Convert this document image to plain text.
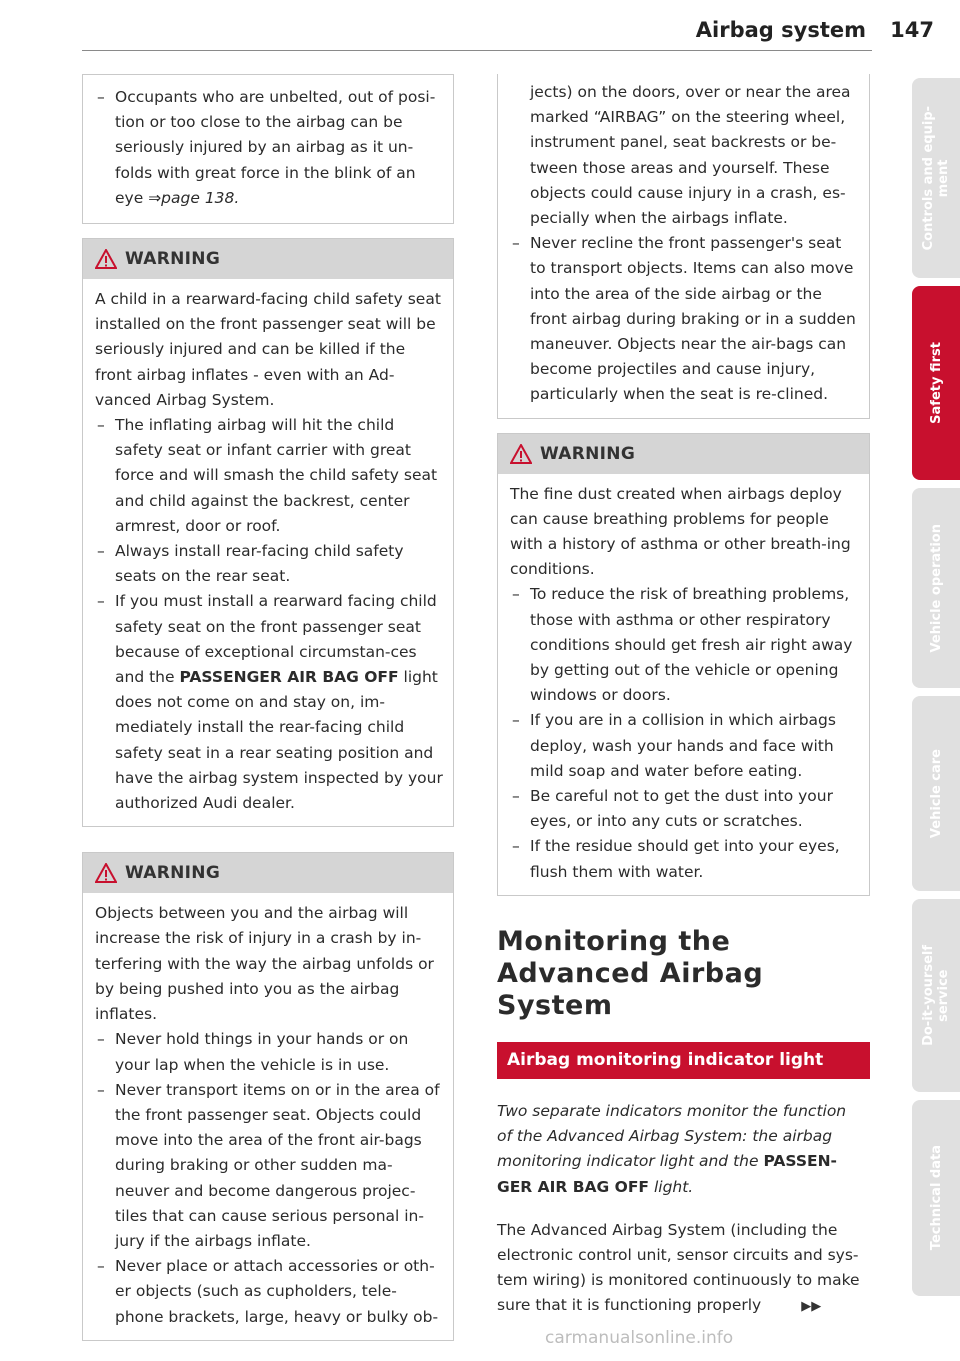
Airbag system 147
– Occupants who are unbelted, out of posi-tion or too close to the airbag can be seriously injured by an airbag as it un-folds with great force in the blink of an eye ⇒page 138.
WARNING

A child in a rearward-facing child safety seat installed on the front passenger seat will be seriously injured and can be killed if the front airbag inflates - even with an Ad-vanced Airbag System.

– The inflating airbag will hit the child safety seat or infant carrier with great force and will smash the child safety seat and child against the backrest, center armrest, door or roof.
– Always install rear-facing child safety seats on the rear seat.
– If you must install a rearward facing child safety seat on the front passenger seat because of exceptional circumstan-ces and the PASSENGER AIR BAG OFF light does not come on and stay on, im-mediately install the rear-facing child safety seat in a rear seating position and have the airbag system inspected by your authorized Audi dealer.
WARNING

Objects between you and the airbag will increase the risk of injury in a crash by in-terfering with the way the airbag unfolds or by being pushed into you as the airbag inflates.

– Never hold things in your hands or on your lap when the vehicle is in use.
– Never transport items on or in the area of the front passenger seat. Objects could move into the area of the front air-bags during braking or other sudden ma-neuver and become dangerous projec-tiles that can cause serious personal in-jury if the airbags inflate.
– Never place or attach accessories or oth-er objects (such as cupholders, tele-phone brackets, large, heavy or bulky ob-

jects) on the doors, over or near the area marked “AIRBAG” on the steering wheel, instrument panel, seat backrests or be-tween those areas and yourself. These objects could cause injury in a crash, es-pecially when the airbags inflate.

– Never recline the front passenger's seat to transport objects. Items can also move into the area of the side airbag or the front airbag during braking or in a sudden maneuver. Objects near the air-bags can become projectiles and cause injury, particularly when the seat is re-clined.
WARNING

The fine dust created when airbags deploy can cause breathing problems for people with a history of asthma or other breath-ing conditions.

– To reduce the risk of breathing problems, those with asthma or other respiratory conditions should get fresh air right away by getting out of the vehicle or opening windows or doors.
– If you are in a collision in which airbags deploy, wash your hands and face with mild soap and water before eating.
– Be careful not to get the dust into your eyes, or into any cuts or scratches.
– If the residue should get into your eyes, flush them with water.
Monitoring the Advanced Airbag System
Airbag monitoring indicator light

Two separate indicators monitor the function of the Advanced Airbag System: the airbag monitoring indicator light and the PASSEN-GER AIR BAG OFF light.

The Advanced Airbag System (including the electronic control unit, sensor circuits and sys-tem wiring) is monitored continuously to make sure that it is functioning properly	▶▶

Controls and equip-
ment
Safety first
Vehicle operation
Vehicle care
Do-it-yourself
service
Technical data
carmanualsonline.info
